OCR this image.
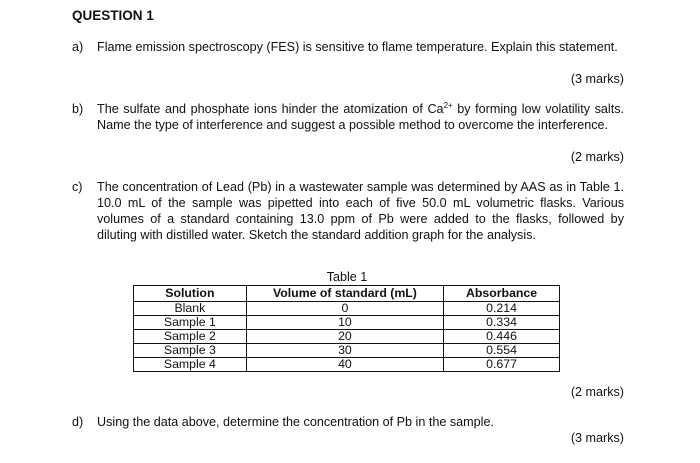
QUESTION 1
a)	Flame emission spectroscopy (FES) is sensitive to flame temperature. Explain this statement.
(3 marks)
b)	The sulfate and phosphate ions hinder the atomization of $Ca^{2+}$ by forming low volatility salts. Name the type of interference and suggest a possible method to overcome the interference.
(2 marks)
c)	The concentration of Lead (Pb) in a wastewater sample was determined by AAS as in Table 1. 10.0 mL of the sample was pipetted into each of five 50.0 mL volumetric flasks. Various volumes of a standard containing 13.0 ppm of Pb were added to the flasks, followed by diluting with distilled water. Sketch the standard addition graph for the analysis.
Table 1
Solution	Volume of standard (mL)	Absorbance
Blank	0	0.214
Sample 1	10	0.334
Sample 2	20	0.446
Sample 3	30	0.554
Sample 4	40	0.677
(2 marks)
d)	Using the data above, determine the concentration of Pb in the sample.
(3 marks)
